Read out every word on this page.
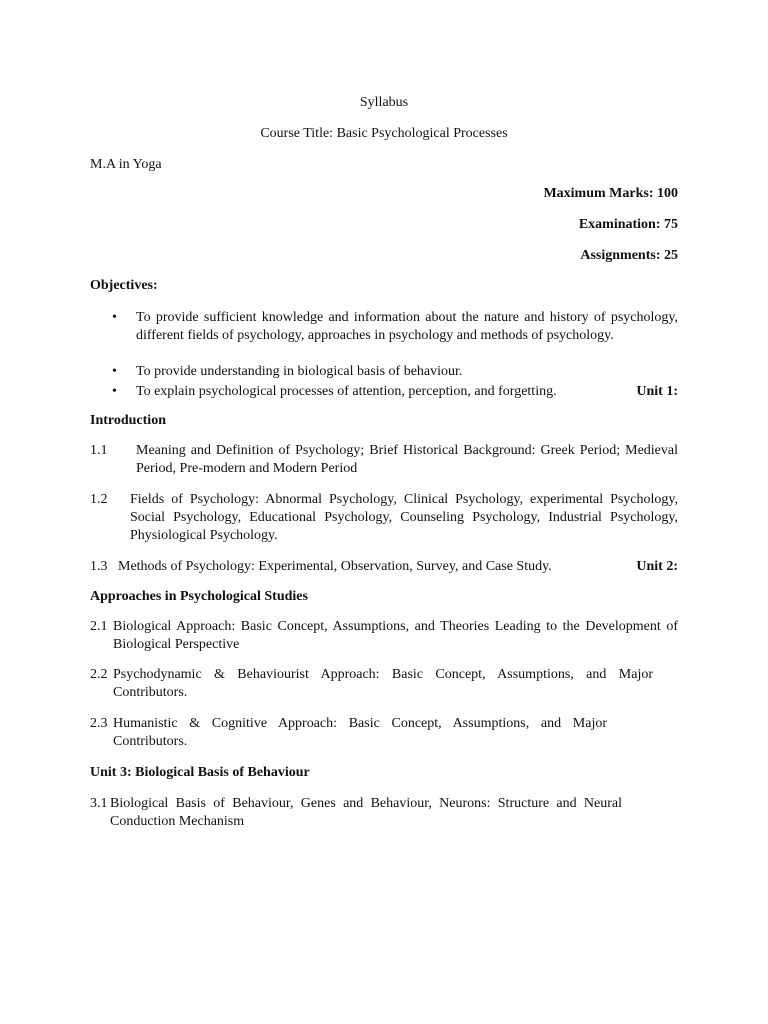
Syllabus
Course Title: Basic Psychological Processes
M.A in Yoga
Maximum Marks: 100
Examination: 75
Assignments: 25
Objectives:
• To provide sufficient knowledge and information about the nature and history of psychology, different fields of psychology, approaches in psychology and methods of psychology.
• To provide understanding in biological basis of behaviour.
• To explain psychological processes of attention, perception, and forgetting.	Unit 1:
Introduction
1.1 Meaning and Definition of Psychology; Brief Historical Background: Greek Period; Medieval Period, Pre-modern and Modern Period
1.2 Fields of Psychology: Abnormal Psychology, Clinical Psychology, experimental Psychology, Social Psychology, Educational Psychology, Counseling Psychology, Industrial Psychology, Physiological Psychology.
1.3 Methods of Psychology: Experimental, Observation, Survey, and Case Study.	Unit 2:
Approaches in Psychological Studies
2.1 Biological Approach: Basic Concept, Assumptions, and Theories Leading to the Development of Biological Perspective
2.2 Psychodynamic & Behaviourist Approach: Basic Concept, Assumptions, and Major Contributors.
2.3 Humanistic & Cognitive Approach: Basic Concept, Assumptions, and Major Contributors.
Unit 3: Biological Basis of Behaviour
3.1 Biological Basis of Behaviour, Genes and Behaviour, Neurons: Structure and Neural Conduction Mechanism
